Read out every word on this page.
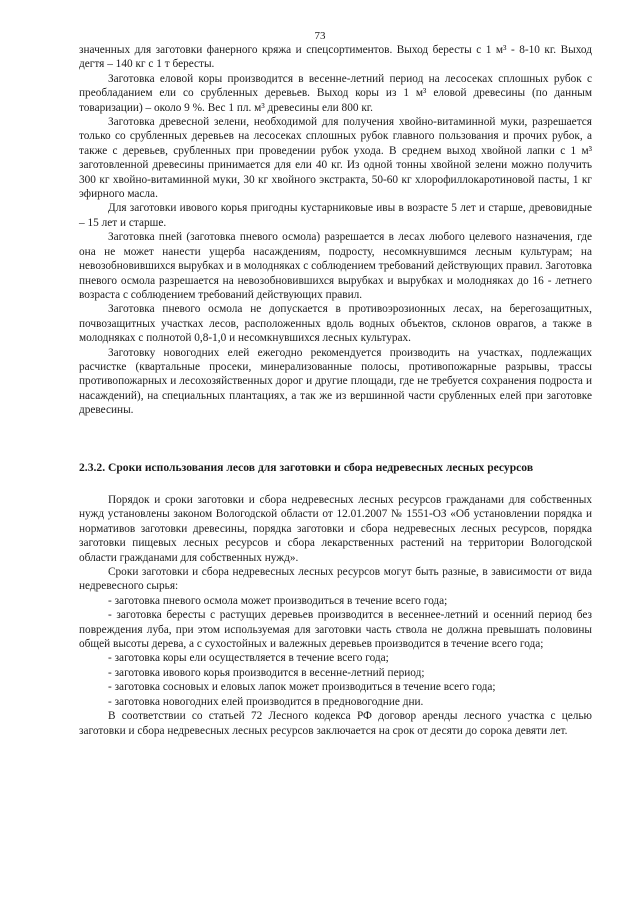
73

значенных для заготовки фанерного кряжа и спецсортиментов. Выход бересты с 1 м³ - 8-10 кг. Выход дегтя – 140 кг с 1 т бересты.

Заготовка еловой коры производится в весенне-летний период на лесосеках сплошных рубок с преобладанием ели со срубленных деревьев. Выход коры из 1 м³ еловой древесины (по данным товаризации) – около 9 %. Вес 1 пл. м³ древесины ели 800 кг.

Заготовка древесной зелени, необходимой для получения хвойно-витаминной муки, разрешается только со срубленных деревьев на лесосеках сплошных рубок главного пользования и прочих рубок, а также с деревьев, срубленных при проведении рубок ухода. В среднем выход хвойной лапки с 1 м³ заготовленной древесины принимается для ели 40 кг. Из одной тонны хвойной зелени можно получить 300 кг хвойно-витаминной муки, 30 кг хвойного экстракта, 50-60 кг хлорофиллокаротиновой пасты, 1 кг эфирного масла.

Для заготовки ивового корья пригодны кустарниковые ивы в возрасте 5 лет и старше, древовидные – 15 лет и старше.

Заготовка пней (заготовка пневого осмола) разрешается в лесах любого целевого назначения, где она не может нанести ущерба насаждениям, подросту, несомкнувшимся лесным культурам; на невозобновившихся вырубках и в молодняках с соблюдением требований действующих правил. Заготовка пневого осмола разрешается на невозобновившихся вырубках и вырубках и молодняках до 16 - летнего возраста с соблюдением требований действующих правил.

Заготовка пневого осмола не допускается в противоэрозионных лесах, на берегозащитных, почвозащитных участках лесов, расположенных вдоль водных объектов, склонов оврагов, а также в молодняках с полнотой 0,8-1,0 и несомкнувшихся лесных культурах.

Заготовку новогодних елей ежегодно рекомендуется производить на участках, подлежащих расчистке (квартальные просеки, минерализованные полосы, противопожарные разрывы, трассы противопожарных и лесохозяйственных дорог и другие площади, где не требуется сохранения подроста и насаждений), на специальных плантациях, а так же из вершинной части срубленных елей при заготовке древесины.

2.3.2. Сроки использования лесов для заготовки и сбора недревесных лесных ресурсов

Порядок и сроки заготовки и сбора недревесных лесных ресурсов гражданами для собственных нужд установлены законом Вологодской области от 12.01.2007 № 1551-ОЗ «Об установлении порядка и нормативов заготовки древесины, порядка заготовки и сбора недревесных лесных ресурсов, порядка заготовки пищевых лесных ресурсов и сбора лекарственных растений на территории Вологодской области гражданами для собственных нужд».

Сроки заготовки и сбора недревесных лесных ресурсов могут быть разные, в зависимости от вида недревесного сырья:

- заготовка пневого осмола может производиться в течение всего года;

- заготовка бересты с растущих деревьев производится в весеннее-летний и осенний период без повреждения луба, при этом используемая для заготовки часть ствола не должна превышать половины общей высоты дерева, а с сухостойных и валежных деревьев производится в течение всего года;

- заготовка коры ели осуществляется в течение всего года;

- заготовка ивового корья производится в весенне-летний период;

- заготовка сосновых и еловых лапок может производиться в течение всего года;

- заготовка новогодних елей производится в предновогодние дни.

В соответствии со статьей 72 Лесного кодекса РФ договор аренды лесного участка с целью заготовки и сбора недревесных лесных ресурсов заключается на срок от десяти до сорока девяти лет.
